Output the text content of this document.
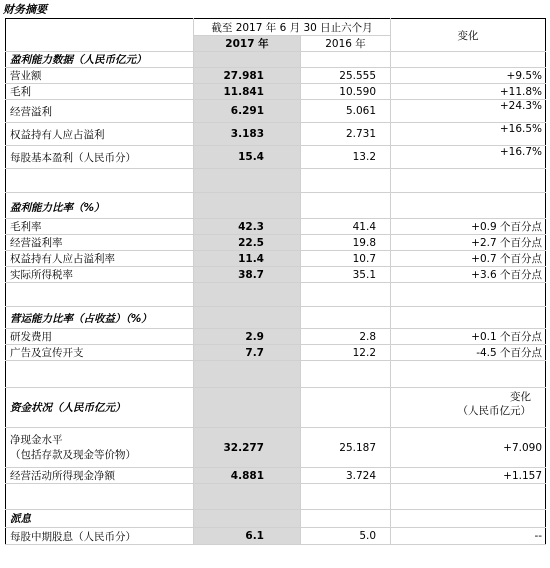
财务摘要
	截至 2017 年 6 月 30 日止六个月		变化
	2017 年	2016 年	
盈利能力数据（人民币亿元）			
营业额	27.981	25.555	+9.5%
毛利	11.841	10.590	+11.8%
经营溢利	6.291	5.061	+24.3%
权益持有人应占溢利	3.183	2.731	+16.5%
每股基本盈利（人民币分）	15.4	13.2	+16.7%

盈利能力比率（%）			
毛利率	42.3	41.4	+0.9 个百分点
经营溢利率	22.5	19.8	+2.7 个百分点
权益持有人应占溢利率	11.4	10.7	+0.7 个百分点
实际所得税率	38.7	35.1	+3.6 个百分点

营运能力比率（占收益）（%）			
研发费用	2.9	2.8	+0.1 个百分点
广告及宣传开支	7.7	12.2	-4.5 个百分点

资金状况（人民币亿元）			变化
（人民币亿元）

净现金水平
（包括存款及现金等价物）	32.277	25.187	+7.090
经营活动所得现金净额	4.881	3.724	+1.157

派息			
每股中期股息（人民币分）	6.1	5.0	--
